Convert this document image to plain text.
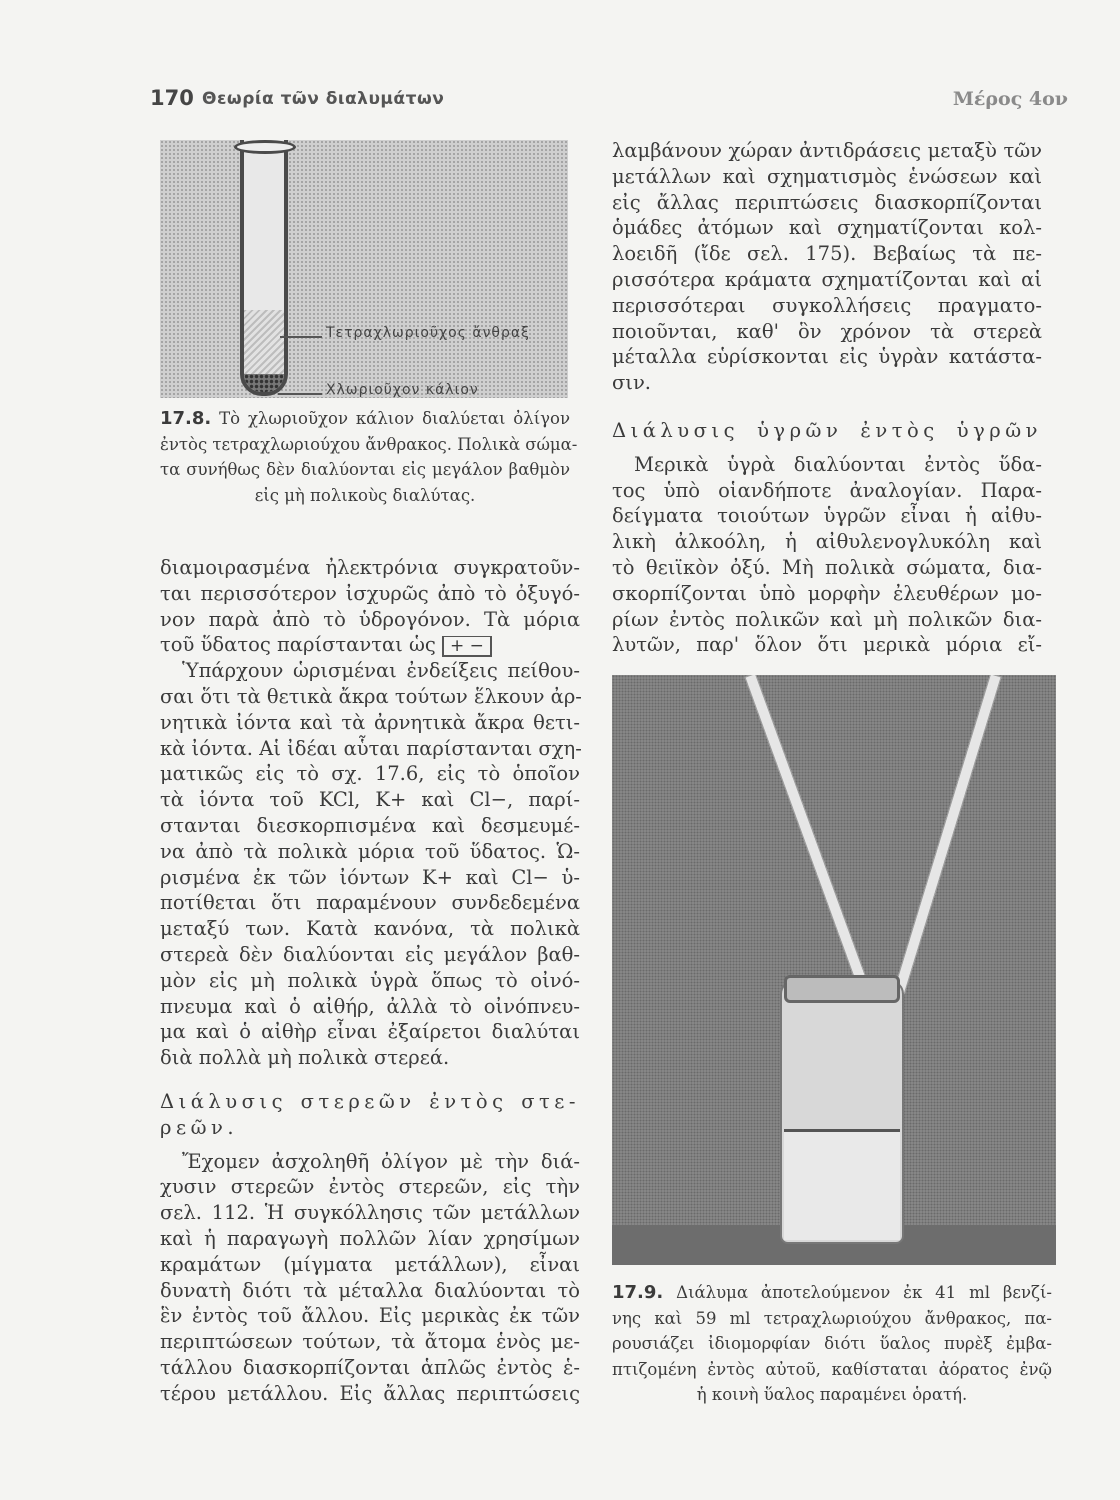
170 Θεωρία τῶν διαλυμάτων	Μέρος 4ον
Τετραχλωριοῦχος ἄνθραξ
Χλωριοῦχον κάλιον
17.8. Τὸ χλωριοῦχον κάλιον διαλύεται ὀλίγον
ἐντὸς τετραχλωριούχου ἄνθρακος. Πολικὰ σώμα-
τα συνήθως δὲν διαλύονται εἰς μεγάλον βαθμὸν
εἰς μὴ πολικοὺς διαλύτας.
διαμοιρασμένα ἠλεκτρόνια συγκρατοῦν-
ται περισσότερον ἰσχυρῶς ἀπὸ τὸ ὀξυγό-
νον παρὰ ἀπὸ τὸ ὑδρογόνον. Τὰ μόρια
τοῦ ὕδατος παρίστανται ὡς + −
Ὑπάρχουν ὡρισμέναι ἐνδείξεις πείθου-
σαι ὅτι τὰ θετικὰ ἄκρα τούτων ἕλκουν ἀρ-
νητικὰ ἰόντα καὶ τὰ ἀρνητικὰ ἄκρα θετι-
κὰ ἰόντα. Αἱ ἰδέαι αὗται παρίστανται σχη-
ματικῶς εἰς τὸ σχ. 17.6, εἰς τὸ ὁποῖον
τὰ ἰόντα τοῦ KCl, K+ καὶ Cl−, παρί-
στανται διεσκορπισμένα καὶ δεσμευμέ-
να ἀπὸ τὰ πολικὰ μόρια τοῦ ὕδατος. Ὡ-
ρισμένα ἐκ τῶν ἰόντων K+ καὶ Cl− ὑ-
ποτίθεται ὅτι παραμένουν συνδεδεμένα
μεταξύ των. Κατὰ κανόνα, τὰ πολικὰ
στερεὰ δὲν διαλύονται εἰς μεγάλον βαθ-
μὸν εἰς μὴ πολικὰ ὑγρὰ ὅπως τὸ οἰνό-
πνευμα καὶ ὁ αἰθήρ, ἀλλὰ τὸ οἰνόπνευ-
μα καὶ ὁ αἰθὴρ εἶναι ἐξαίρετοι διαλύται
διὰ πολλὰ μὴ πολικὰ στερεά.
Διάλυσις στερεῶν ἐντὸς στε-
ρεῶν.
Ἔχομεν ἀσχοληθῆ ὀλίγον μὲ τὴν διά-
χυσιν στερεῶν ἐντὸς στερεῶν, εἰς τὴν
σελ. 112. Ἡ συγκόλλησις τῶν μετάλλων
καὶ ἡ παραγωγὴ πολλῶν λίαν χρησίμων
κραμάτων (μίγματα μετάλλων), εἶναι
δυνατὴ διότι τὰ μέταλλα διαλύονται τὸ
ἓν ἐντὸς τοῦ ἄλλου. Εἰς μερικὰς ἐκ τῶν
περιπτώσεων τούτων, τὰ ἄτομα ἑνὸς με-
τάλλου διασκορπίζονται ἁπλῶς ἐντὸς ἑ-
τέρου μετάλλου. Εἰς ἄλλας περιπτώσεις
λαμβάνουν χώραν ἀντιδράσεις μεταξὺ τῶν
μετάλλων καὶ σχηματισμὸς ἑνώσεων καὶ
εἰς ἄλλας περιπτώσεις διασκορπίζονται
ὁμάδες ἀτόμων καὶ σχηματίζονται κολ-
λοειδῆ (ἴδε σελ. 175). Βεβαίως τὰ πε-
ρισσότερα κράματα σχηματίζονται καὶ αἱ
περισσότεραι συγκολλήσεις πραγματο-
ποιοῦνται, καθ' ὃν χρόνον τὰ στερεὰ
μέταλλα εὑρίσκονται εἰς ὑγρὰν κατάστα-
σιν.
Διάλυσις ὑγρῶν ἐντὸς ὑγρῶν
Μερικὰ ὑγρὰ διαλύονται ἐντὸς ὕδα-
τος ὑπὸ οἱανδήποτε ἀναλογίαν. Παρα-
δείγματα τοιούτων ὑγρῶν εἶναι ἡ αἰθυ-
λικὴ ἀλκοόλη, ἡ αἰθυλενογλυκόλη καὶ
τὸ θειϊκὸν ὀξύ. Μὴ πολικὰ σώματα, δια-
σκορπίζονται ὑπὸ μορφὴν ἐλευθέρων μο-
ρίων ἐντὸς πολικῶν καὶ μὴ πολικῶν δια-
λυτῶν, παρ' ὅλον ὅτι μερικὰ μόρια εἴ-
17.9. Διάλυμα ἀποτελούμενον ἐκ 41 ml βενζί-
νης καὶ 59 ml τετραχλωριούχου ἄνθρακος, πα-
ρουσιάζει ἰδιομορφίαν διότι ὕαλος πυρὲξ ἐμβα-
πτιζομένη ἐντὸς αὐτοῦ, καθίσταται ἀόρατος ἐνῷ
ἡ κοινὴ ὕαλος παραμένει ὁρατή.
